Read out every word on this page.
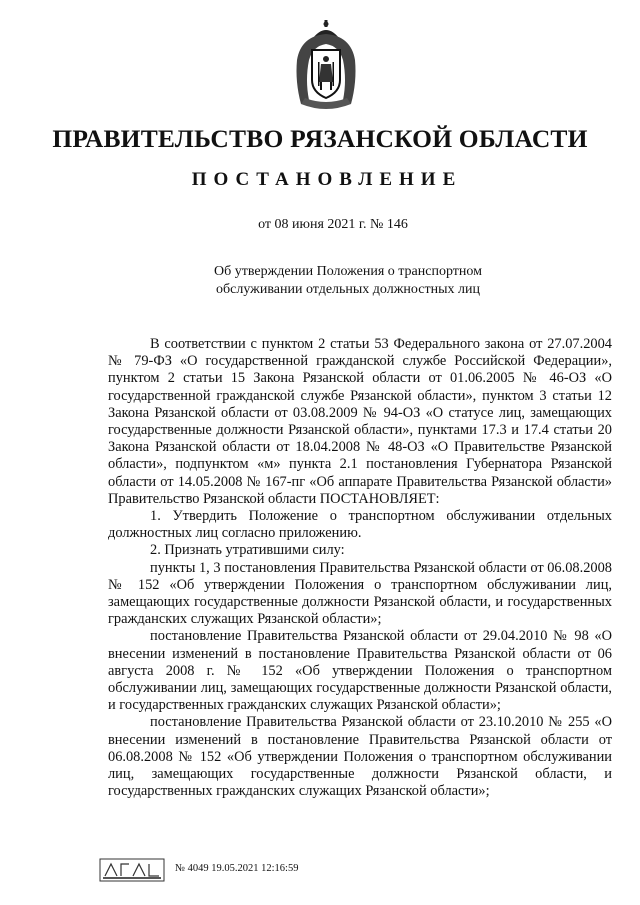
ПРАВИТЕЛЬСТВО РЯЗАНСКОЙ ОБЛАСТИ
ПОСТАНОВЛЕНИЕ
от 08 июня 2021 г. № 146
Об утверждении Положения о транспортном
обслуживании отдельных должностных лиц

В соответствии с пунктом 2 статьи 53 Федерального закона от 27.07.2004 № 79-ФЗ «О государственной гражданской службе Российской Федерации», пунктом 2 статьи 15 Закона Рязанской области от 01.06.2005 № 46-ОЗ «О государственной гражданской службе Рязанской области», пунктом 3 статьи 12 Закона Рязанской области от 03.08.2009 № 94-ОЗ «О статусе лиц, замещающих государственные должности Рязанской области», пунктами 17.3 и 17.4 статьи 20 Закона Рязанской области от 18.04.2008 № 48-ОЗ «О Правительстве Рязанской области», подпунктом «м» пункта 2.1 постановления Губернатора Рязанской области от 14.05.2008 № 167-пг «Об аппарате Правительства Рязанской области» Правительство Рязанской области ПОСТАНОВЛЯЕТ:

1. Утвердить Положение о транспортном обслуживании отдельных должностных лиц согласно приложению.

2. Признать утратившими силу:

пункты 1, 3 постановления Правительства Рязанской области от 06.08.2008 № 152 «Об утверждении Положения о транспортном обслуживании лиц, замещающих государственные должности Рязанской области, и государственных гражданских служащих Рязанской области»;

постановление Правительства Рязанской области от 29.04.2010 № 98 «О внесении изменений в постановление Правительства Рязанской области от 06 августа 2008 г. № 152 «Об утверждении Положения о транспортном обслуживании лиц, замещающих государственные должности Рязанской области, и государственных гражданских служащих Рязанской области»;

постановление Правительства Рязанской области от 23.10.2010 № 255 «О внесении изменений в постановление Правительства Рязанской области от 06.08.2008 № 152 «Об утверждении Положения о транспортном обслуживании лиц, замещающих государственные должности Рязанской области, и государственных гражданских служащих Рязанской области»;

№ 4049 19.05.2021 12:16:59
